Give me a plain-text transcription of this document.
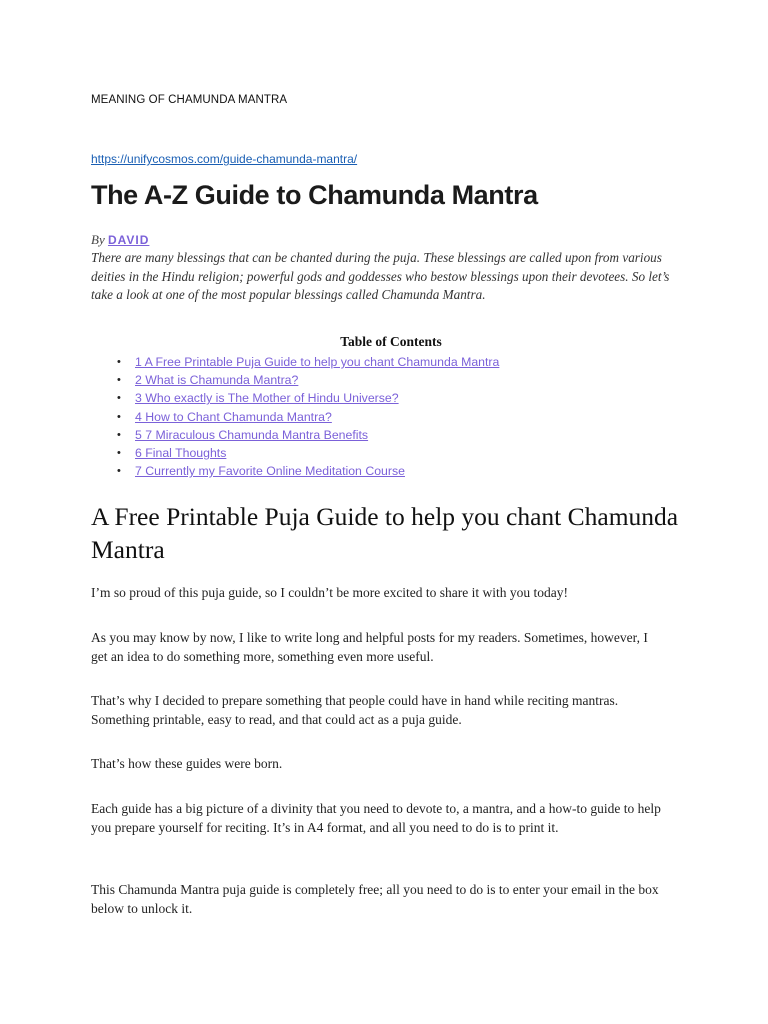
MEANING OF CHAMUNDA MANTRA
https://unifycosmos.com/guide-chamunda-mantra/
The A-Z Guide to Chamunda Mantra
By DAVID

There are many blessings that can be chanted during the puja. These blessings are called upon from various deities in the Hindu religion; powerful gods and goddesses who bestow blessings upon their devotees. So let’s take a look at one of the most popular blessings called Chamunda Mantra.

Table of Contents
• 1 A Free Printable Puja Guide to help you chant Chamunda Mantra
• 2 What is Chamunda Mantra?
• 3 Who exactly is The Mother of Hindu Universe?
• 4 How to Chant Chamunda Mantra?
• 5 7 Miraculous Chamunda Mantra Benefits
• 6 Final Thoughts
• 7 Currently my Favorite Online Meditation Course
A Free Printable Puja Guide to help you chant Chamunda Mantra

I’m so proud of this puja guide, so I couldn’t be more excited to share it with you today!

As you may know by now, I like to write long and helpful posts for my readers. Sometimes, however, I get an idea to do something more, something even more useful.

That’s why I decided to prepare something that people could have in hand while reciting mantras. Something printable, easy to read, and that could act as a puja guide.

That’s how these guides were born.

Each guide has a big picture of a divinity that you need to devote to, a mantra, and a how-to guide to help you prepare yourself for reciting. It’s in A4 format, and all you need to do is to print it.

This Chamunda Mantra puja guide is completely free; all you need to do is to enter your email in the box below to unlock it.
